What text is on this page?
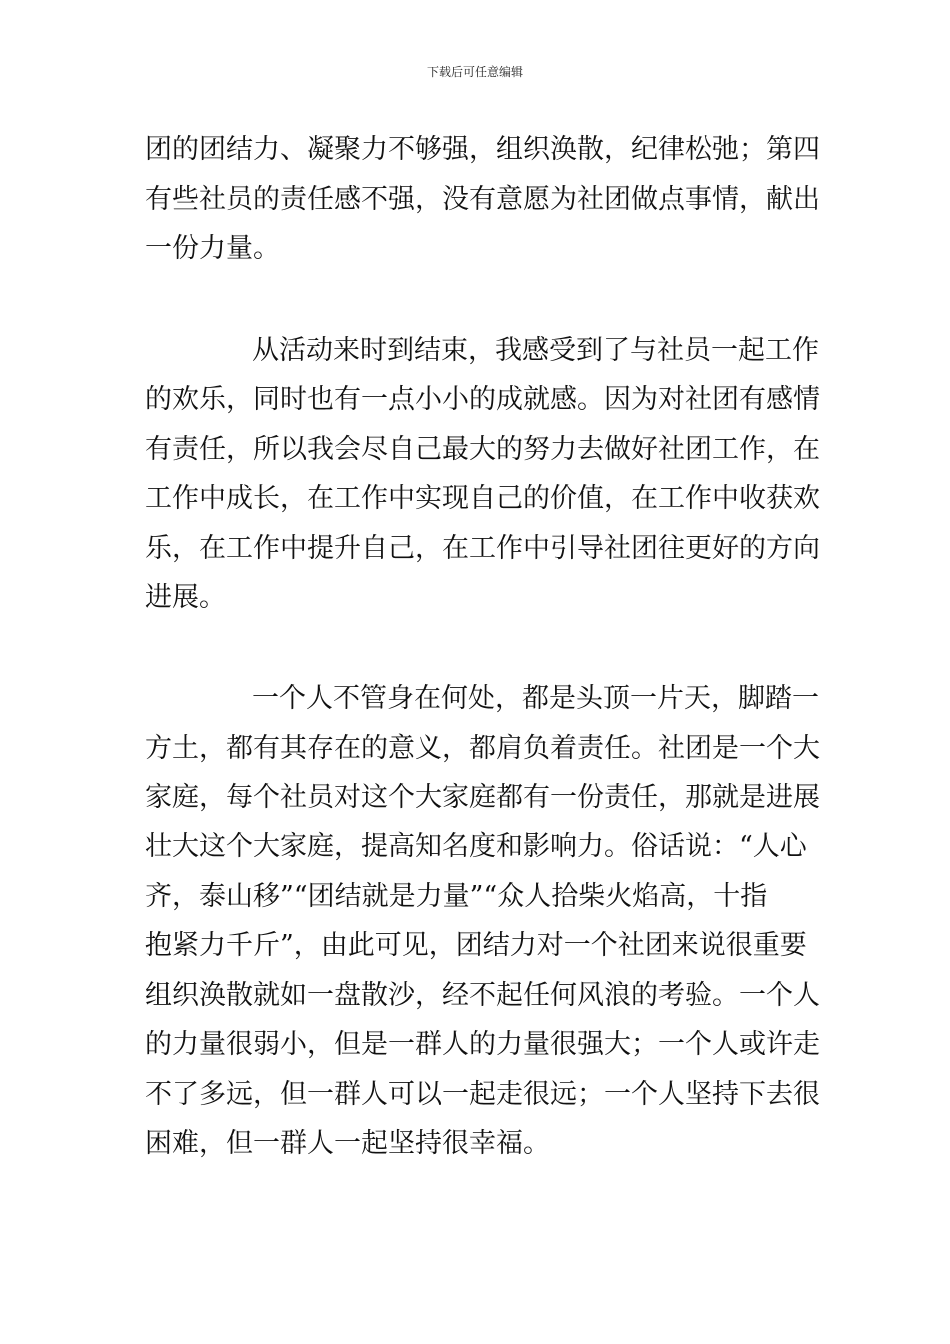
下载后可任意编辑
团的团结力、凝聚力不够强，组织涣散，纪律松弛；第四
有些社员的责任感不强，没有意愿为社团做点事情，献出
一份力量。
从活动来时到结束，我感受到了与社员一起工作
的欢乐，同时也有一点小小的成就感。因为对社团有感情
有责任，所以我会尽自己最大的努力去做好社团工作，在
工作中成长，在工作中实现自己的价值，在工作中收获欢
乐，在工作中提升自己，在工作中引导社团往更好的方向
进展。
一个人不管身在何处，都是头顶一片天，脚踏一
方土，都有其存在的意义，都肩负着责任。社团是一个大
家庭，每个社员对这个大家庭都有一份责任，那就是进展
壮大这个大家庭，提高知名度和影响力。俗话说：“人心
齐，泰山移”“团结就是力量”“众人拾柴火焰高，十指
抱紧力千斤”，由此可见，团结力对一个社团来说很重要
组织涣散就如一盘散沙，经不起任何风浪的考验。一个人
的力量很弱小，但是一群人的力量很强大；一个人或许走
不了多远，但一群人可以一起走很远；一个人坚持下去很
困难，但一群人一起坚持很幸福。
